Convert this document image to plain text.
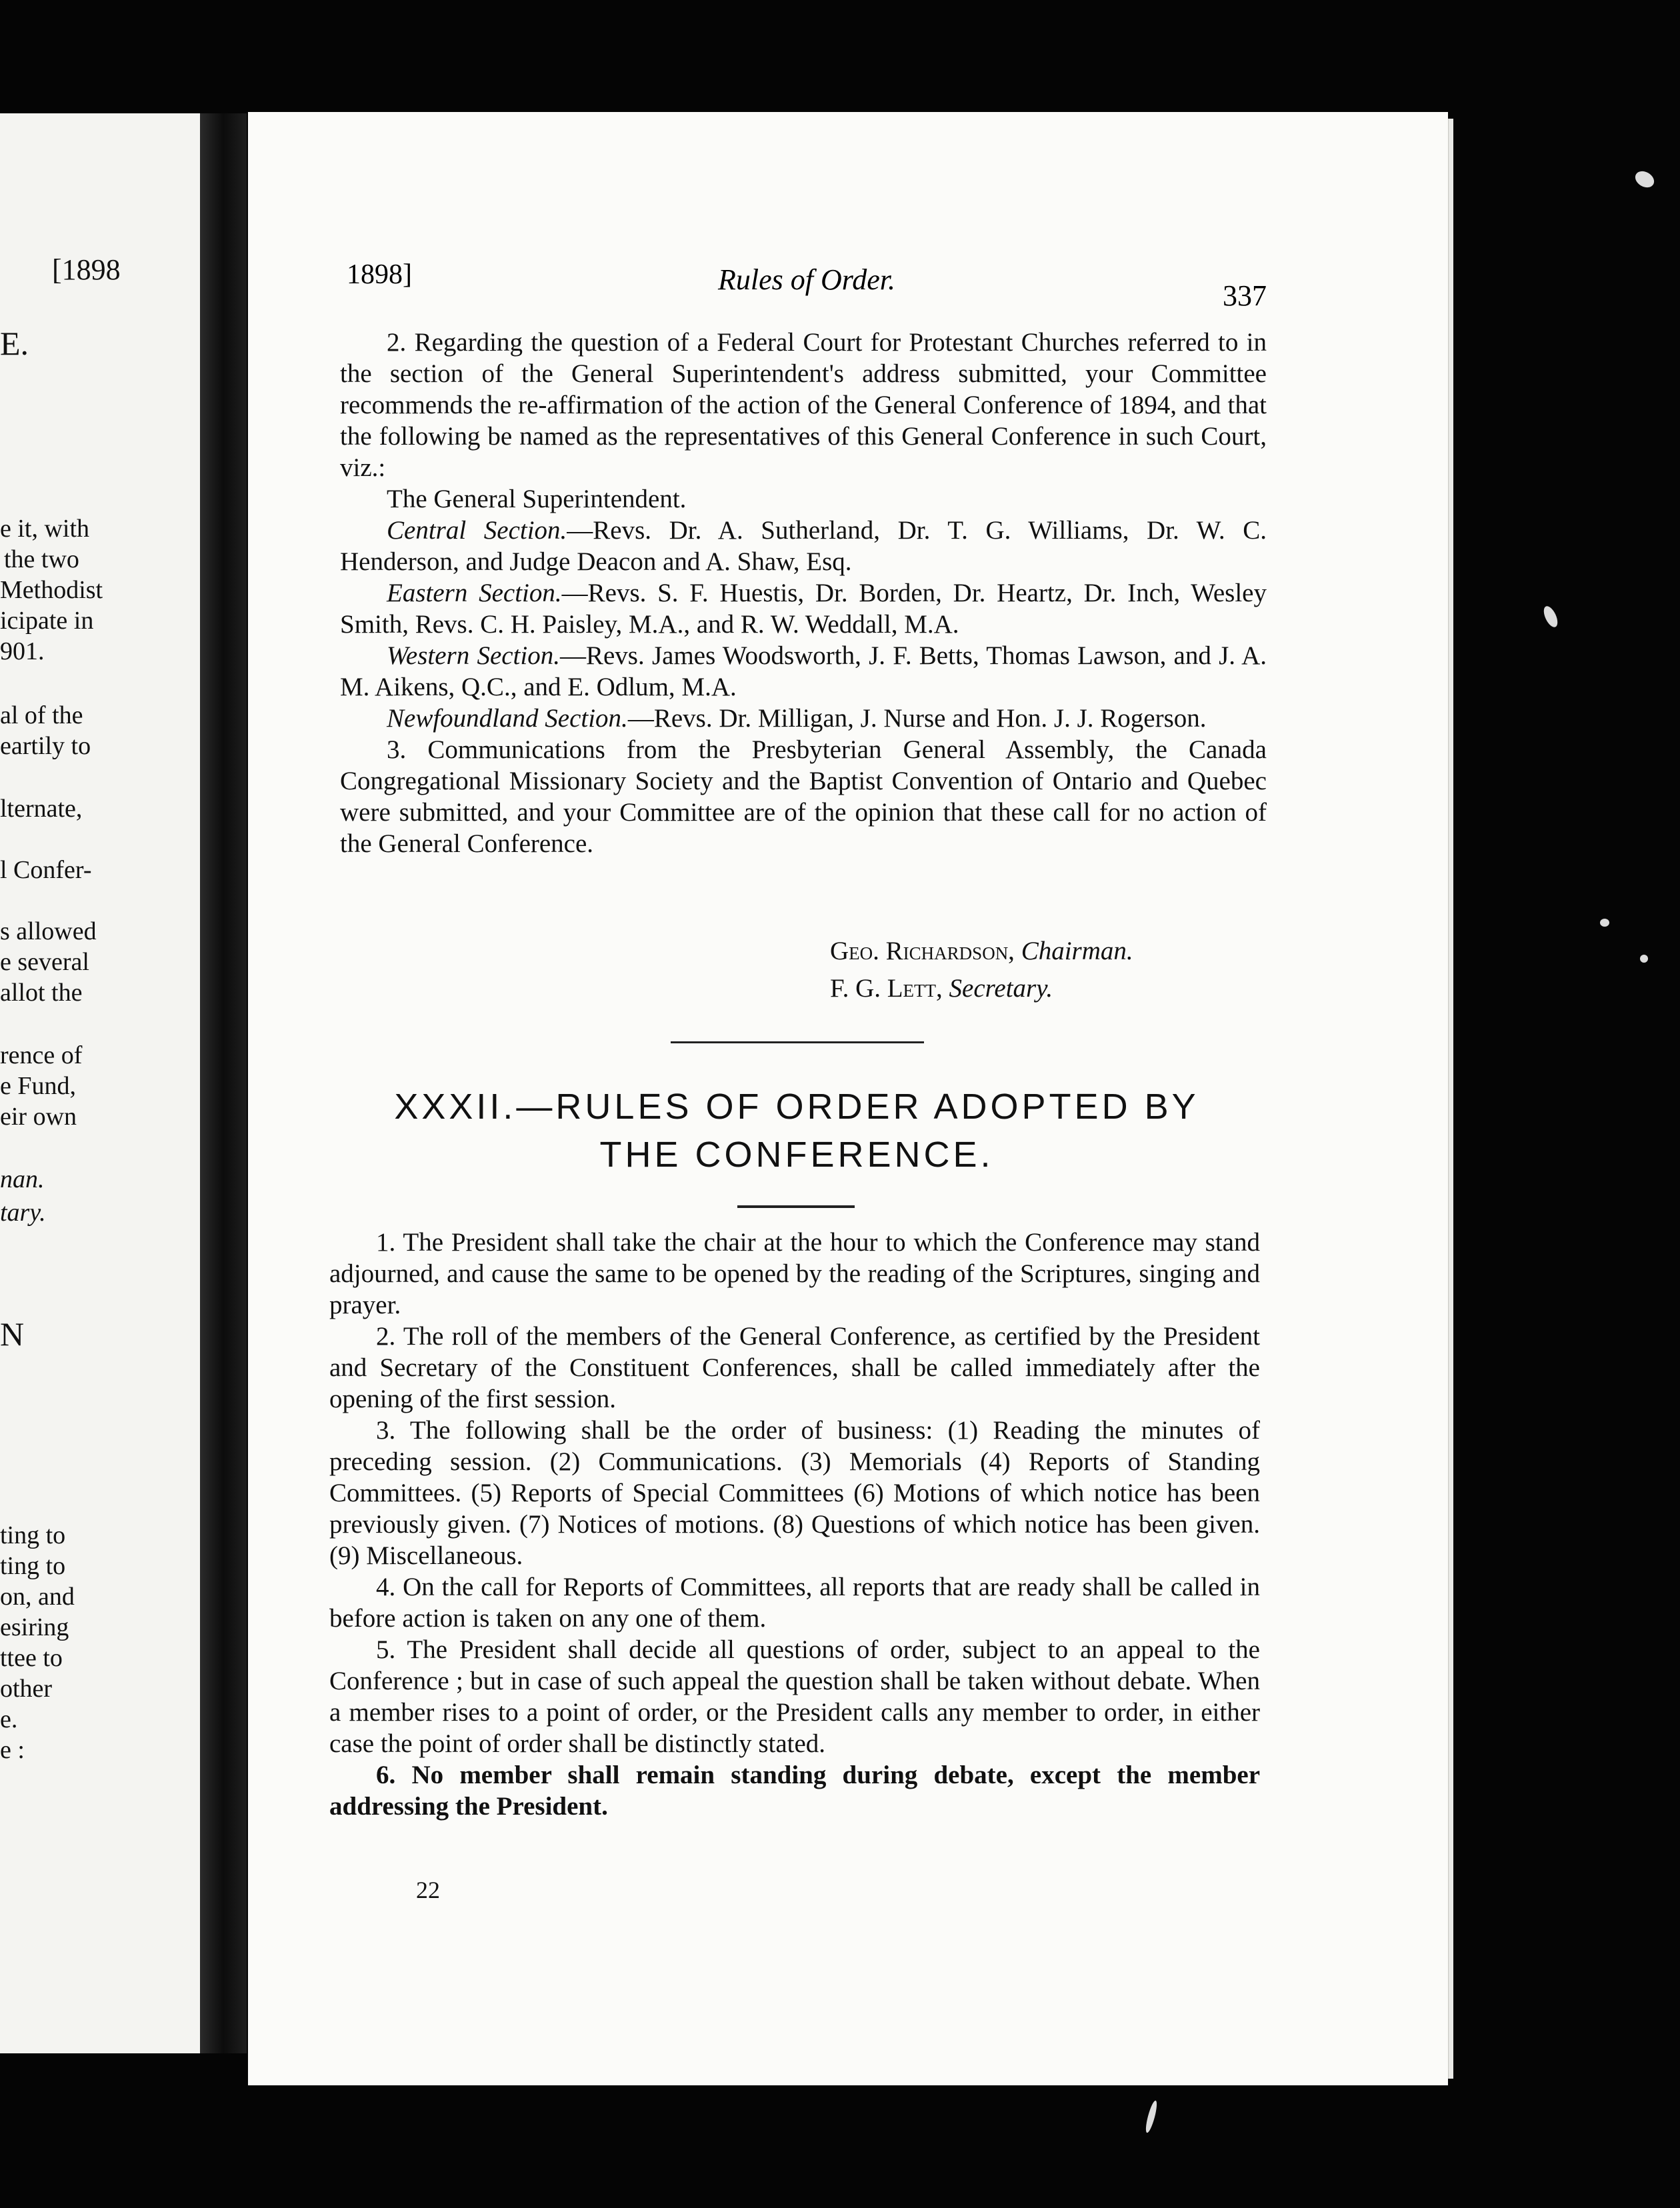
[1898
E.
e it, with
the two
Methodist
icipate in
901.
al of the
eartily to
lternate,
l Confer-
s allowed
e several
allot the
rence of
e Fund,
eir own
nan.
tary.
N
ting to
ting to
on, and
esiring
ttee to
other
e.
e :
1898]	Rules of Order.	337

2. Regarding the question of a Federal Court for Protestant Churches referred to in the section of the General Superintendent's address submitted, your Committee recommends the re-affirmation of the action of the General Conference of 1894, and that the following be named as the representatives of this General Conference in such Court, viz.:

The General Superintendent.

Central Section.—Revs. Dr. A. Sutherland, Dr. T. G. Williams, Dr. W. C. Henderson, and Judge Deacon and A. Shaw, Esq.

Eastern Section.—Revs. S. F. Huestis, Dr. Borden, Dr. Heartz, Dr. Inch, Wesley Smith, Revs. C. H. Paisley, M.A., and R. W. Weddall, M.A.

Western Section.—Revs. James Woodsworth, J. F. Betts, Thomas Lawson, and J. A. M. Aikens, Q.C., and E. Odlum, M.A.

Newfoundland Section.—Revs. Dr. Milligan, J. Nurse and Hon. J. J. Rogerson.

3. Communications from the Presbyterian General Assembly, the Canada Congregational Missionary Society and the Baptist Convention of Ontario and Quebec were submitted, and your Committee are of the opinion that these call for no action of the General Conference.

Geo. Richardson, Chairman.
F. G. Lett, Secretary.
XXXII.—RULES OF ORDER ADOPTED BY
THE CONFERENCE.

1. The President shall take the chair at the hour to which the Conference may stand adjourned, and cause the same to be opened by the reading of the Scriptures, singing and prayer.

2. The roll of the members of the General Conference, as certified by the President and Secretary of the Constituent Conferences, shall be called immediately after the opening of the first session.

3. The following shall be the order of business: (1) Reading the minutes of preceding session. (2) Communications. (3) Memorials (4) Reports of Standing Committees. (5) Reports of Special Committees (6) Motions of which notice has been previously given. (7) Notices of motions. (8) Questions of which notice has been given. (9) Miscellaneous.

4. On the call for Reports of Committees, all reports that are ready shall be called in before action is taken on any one of them.

5. The President shall decide all questions of order, subject to an appeal to the Conference ; but in case of such appeal the question shall be taken without debate. When a member rises to a point of order, or the President calls any member to order, in either case the point of order shall be distinctly stated.

6. No member shall remain standing during debate, except the member addressing the President.

22
